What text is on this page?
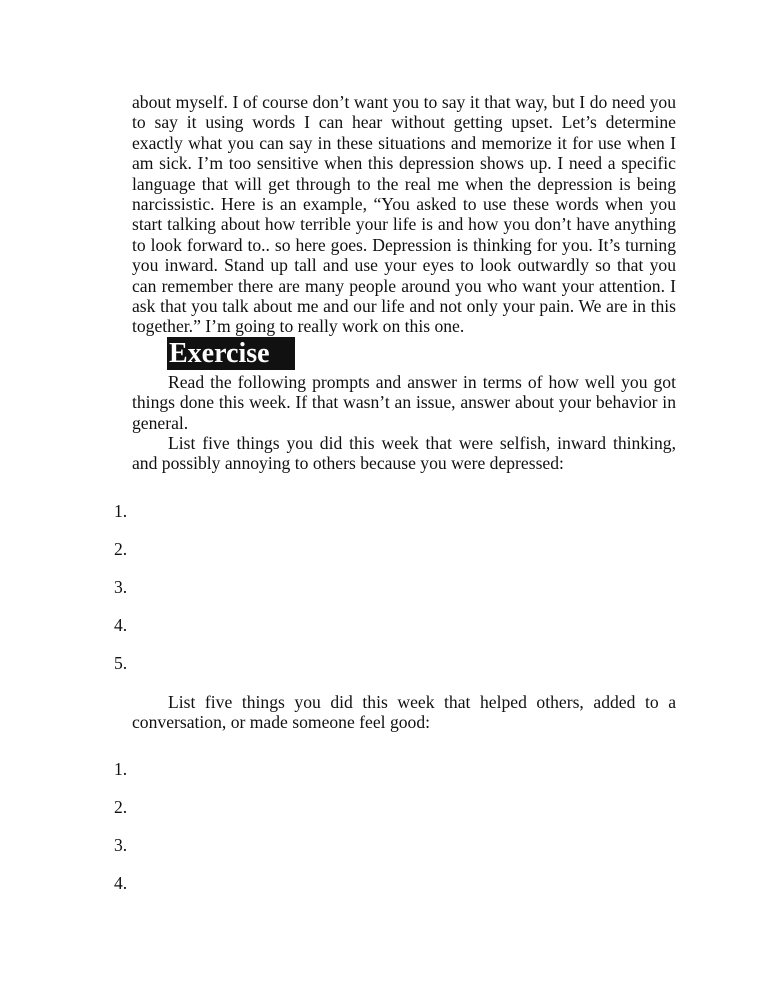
about myself. I of course don’t want you to say it that way, but I do need you to say it using words I can hear without getting upset. Let’s determine exactly what you can say in these situations and memorize it for use when I am sick. I’m too sensitive when this depression shows up. I need a specific language that will get through to the real me when the depression is being narcissistic. Here is an example, “You asked to use these words when you start talking about how terrible your life is and how you don’t have anything to look forward to.. so here goes. Depression is thinking for you. It’s turning you inward. Stand up tall and use your eyes to look outwardly so that you can remember there are many people around you who want your attention. I ask that you talk about me and our life and not only your pain. We are in this together.” I’m going to really work on this one.

Exercise

Read the following prompts and answer in terms of how well you got things done this week. If that wasn’t an issue, answer about your behavior in general.

List five things you did this week that were selfish, inward thinking, and possibly annoying to others because you were depressed:

1.
2.
3.
4.
5.

List five things you did this week that helped others, added to a conversation, or made someone feel good:

1.
2.
3.
4.
